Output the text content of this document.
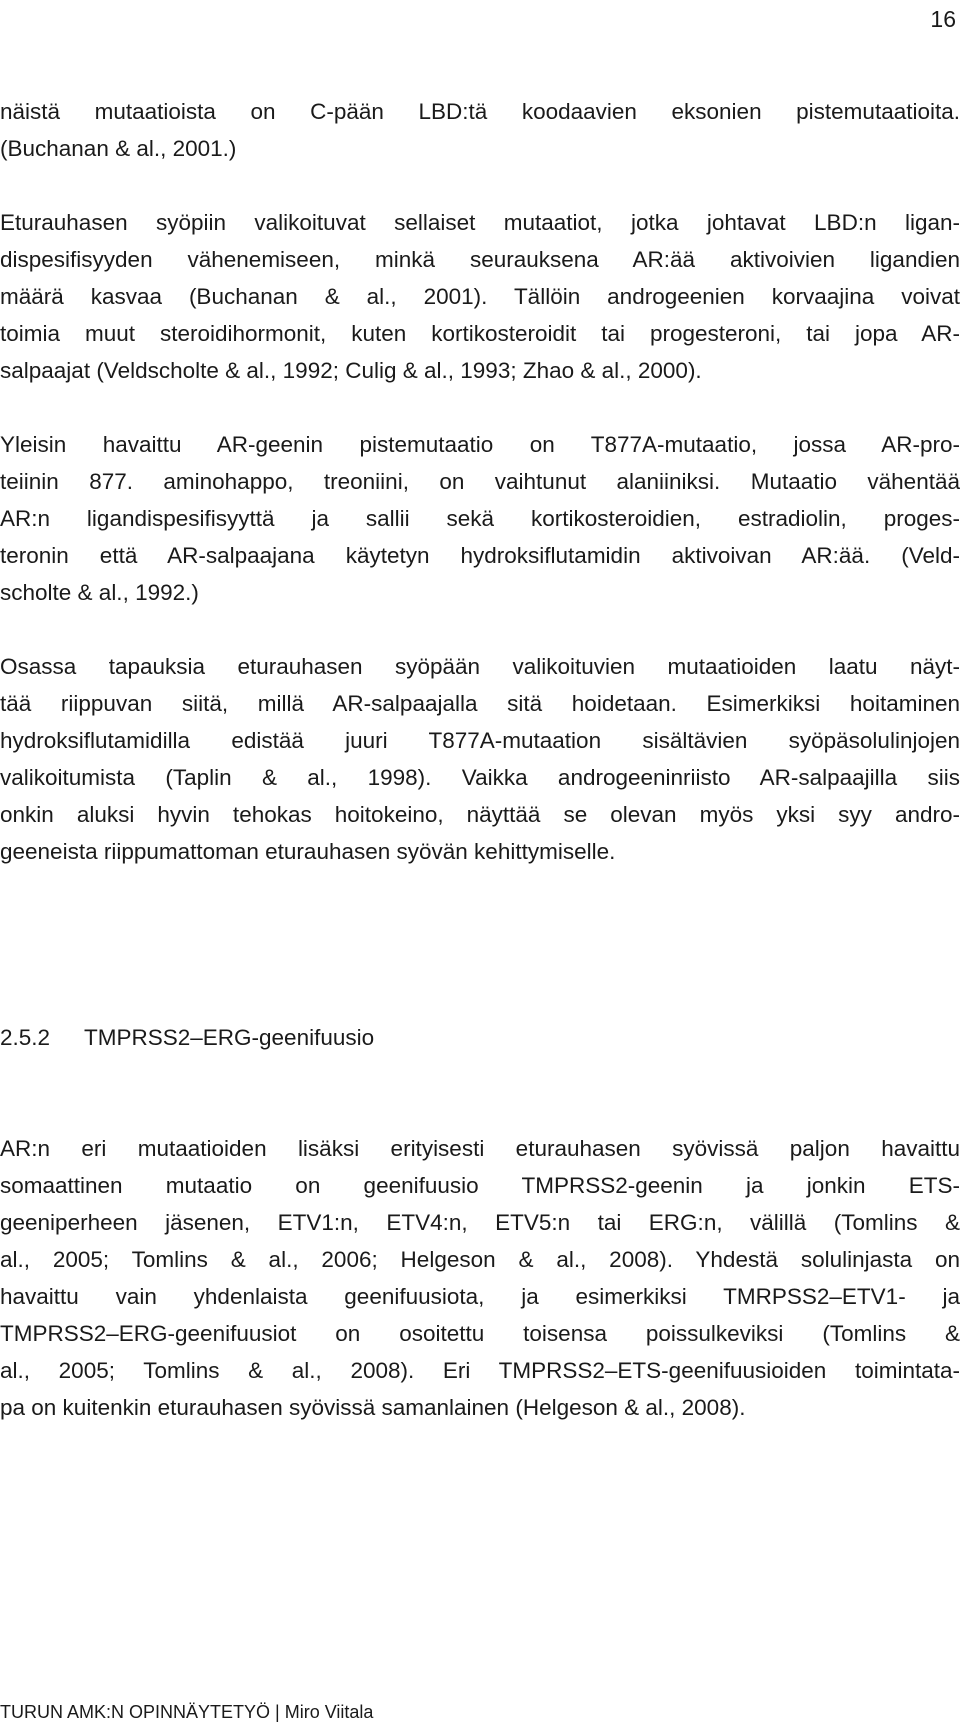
16

näistä mutaatioista on C-pään LBD:tä koodaavien eksonien pistemutaatioita.
(Buchanan & al., 2001.)

Eturauhasen syöpiin valikoituvat sellaiset mutaatiot, jotka johtavat LBD:n ligan-
dispesifisyyden vähenemiseen, minkä seurauksena AR:ää aktivoivien ligandien
määrä kasvaa (Buchanan & al., 2001). Tällöin androgeenien korvaajina voivat
toimia muut steroidihormonit, kuten kortikosteroidit tai progesteroni, tai jopa AR-
salpaajat (Veldscholte & al., 1992; Culig & al., 1993; Zhao & al., 2000).

Yleisin havaittu AR-geenin pistemutaatio on T877A-mutaatio, jossa AR-pro-
teiinin 877. aminohappo, treoniini, on vaihtunut alaniiniksi. Mutaatio vähentää
AR:n ligandispesifisyyttä ja sallii sekä kortikosteroidien, estradiolin, proges-
teronin että AR-salpaajana käytetyn hydroksiflutamidin aktivoivan AR:ää. (Veld-
scholte & al., 1992.)

Osassa tapauksia eturauhasen syöpään valikoituvien mutaatioiden laatu näyt-
tää riippuvan siitä, millä AR-salpaajalla sitä hoidetaan. Esimerkiksi hoitaminen
hydroksiflutamidilla edistää juuri T877A-mutaation sisältävien syöpäsolulinjojen
valikoitumista (Taplin & al., 1998). Vaikka androgeeninriisto AR-salpaajilla siis
onkin aluksi hyvin tehokas hoitokeino, näyttää se olevan myös yksi syy andro-
geeneista riippumattoman eturauhasen syövän kehittymiselle.

2.5.2 TMPRSS2–ERG-geenifuusio

AR:n eri mutaatioiden lisäksi erityisesti eturauhasen syövissä paljon havaittu
somaattinen mutaatio on geenifuusio TMPRSS2-geenin ja jonkin ETS-
geeniperheen jäsenen, ETV1:n, ETV4:n, ETV5:n tai ERG:n, välillä (Tomlins &
al., 2005; Tomlins & al., 2006; Helgeson & al., 2008). Yhdestä solulinjasta on
havaittu vain yhdenlaista geenifuusiota, ja esimerkiksi TMRPSS2–ETV1- ja
TMPRSS2–ERG-geenifuusiot on osoitettu toisensa poissulkeviksi (Tomlins &
al., 2005; Tomlins & al., 2008). Eri TMPRSS2–ETS-geenifuusioiden toimintata-
pa on kuitenkin eturauhasen syövissä samanlainen (Helgeson & al., 2008).

TURUN AMK:N OPINNÄYTETYÖ | Miro Viitala
